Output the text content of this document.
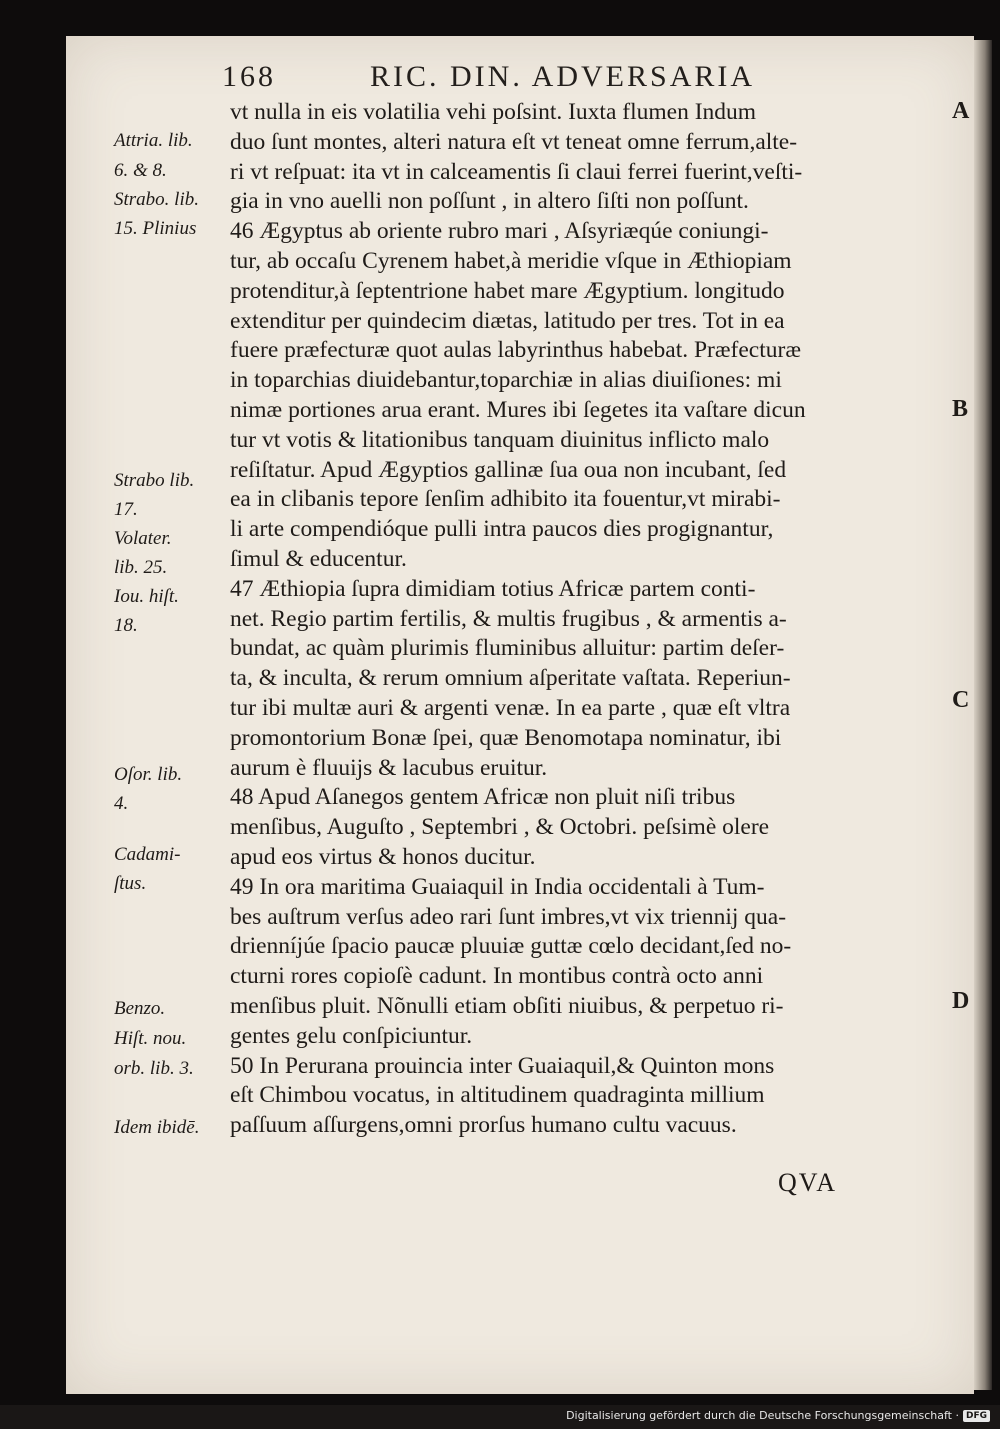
168	RIC. DIN. ADVERSARIA
vt nulla in eis volatilia vehi poſsint. Iuxta flumen Indum
duo ſunt montes, alteri natura eſt vt teneat omne ferrum,alte-
ri vt reſpuat: ita vt in calceamentis ſi claui ferrei fuerint,veſti-
gia in vno auelli non poſſunt , in altero ſiſti non poſſunt.
46 Ægyptus ab oriente rubro mari , Aſsyriæqúe coniungi-
tur, ab occaſu Cyrenem habet,à meridie vſque in Æthiopiam
protenditur,à ſeptentrione habet mare Ægyptium. longitudo
extenditur per quindecim diætas, latitudo per tres. Tot in ea
fuere præfecturæ quot aulas labyrinthus habebat. Præfecturæ
in toparchias diuidebantur,toparchiæ in alias diuiſiones: mi
nimæ portiones arua erant. Mures ibi ſegetes ita vaſtare dicun
tur vt votis & litationibus tanquam diuinitus inflicto malo
reſiſtatur. Apud Ægyptios gallinæ ſua oua non incubant, ſed
ea in clibanis tepore ſenſim adhibito ita fouentur,vt mirabi-
li arte compendióque pulli intra paucos dies progignantur,
ſimul & educentur.
47 Æthiopia ſupra dimidiam totius Africæ partem conti-
net. Regio partim fertilis, & multis frugibus , & armentis a-
bundat, ac quàm plurimis fluminibus alluitur: partim deſer-
ta, & inculta, & rerum omnium aſperitate vaſtata. Reperiun-
tur ibi multæ auri & argenti venæ. In ea parte , quæ eſt vltra
promontorium Bonæ ſpei, quæ Benomotapa nominatur, ibi
aurum è fluuijs & lacubus eruitur.
48 Apud Aſanegos gentem Africæ non pluit niſi tribus
menſibus, Auguſto , Septembri , & Octobri. peſsimè olere
apud eos virtus & honos ducitur.
49 In ora maritima Guaiaquil in India occidentali à Tum-
bes auſtrum verſus adeo rari ſunt imbres,vt vix triennij qua-
drienníjúe ſpacio paucæ pluuiæ guttæ cœlo decidant,ſed no-
cturni rores copioſè cadunt. In montibus contrà octo anni
menſibus pluit. Nõnulli etiam obſiti niuibus, & perpetuo ri-
gentes gelu conſpiciuntur.
50 In Peruranа prouincia inter Guaiaquil,& Quinton mons
eſt Chimbou vocatus, in altitudinem quadraginta millium
paſſuum aſſurgens,omni prorſus humano cultu vacuus.
Attria. lib.
6. & 8.
Strabo. lib.
15. Plinius
Strabo lib.
17.
Volater.
lib. 25.
Iou. hiſt.
18.
Oſor. lib.
4.
Cadami-
ſtus.
Benzo.
Hiſt. nou.
orb. lib. 3.
Idem ibidē.
A
B
C
D
QVA
Digitalisierung gefördert durch die Deutsche Forschungsgemeinschaft · DFG
